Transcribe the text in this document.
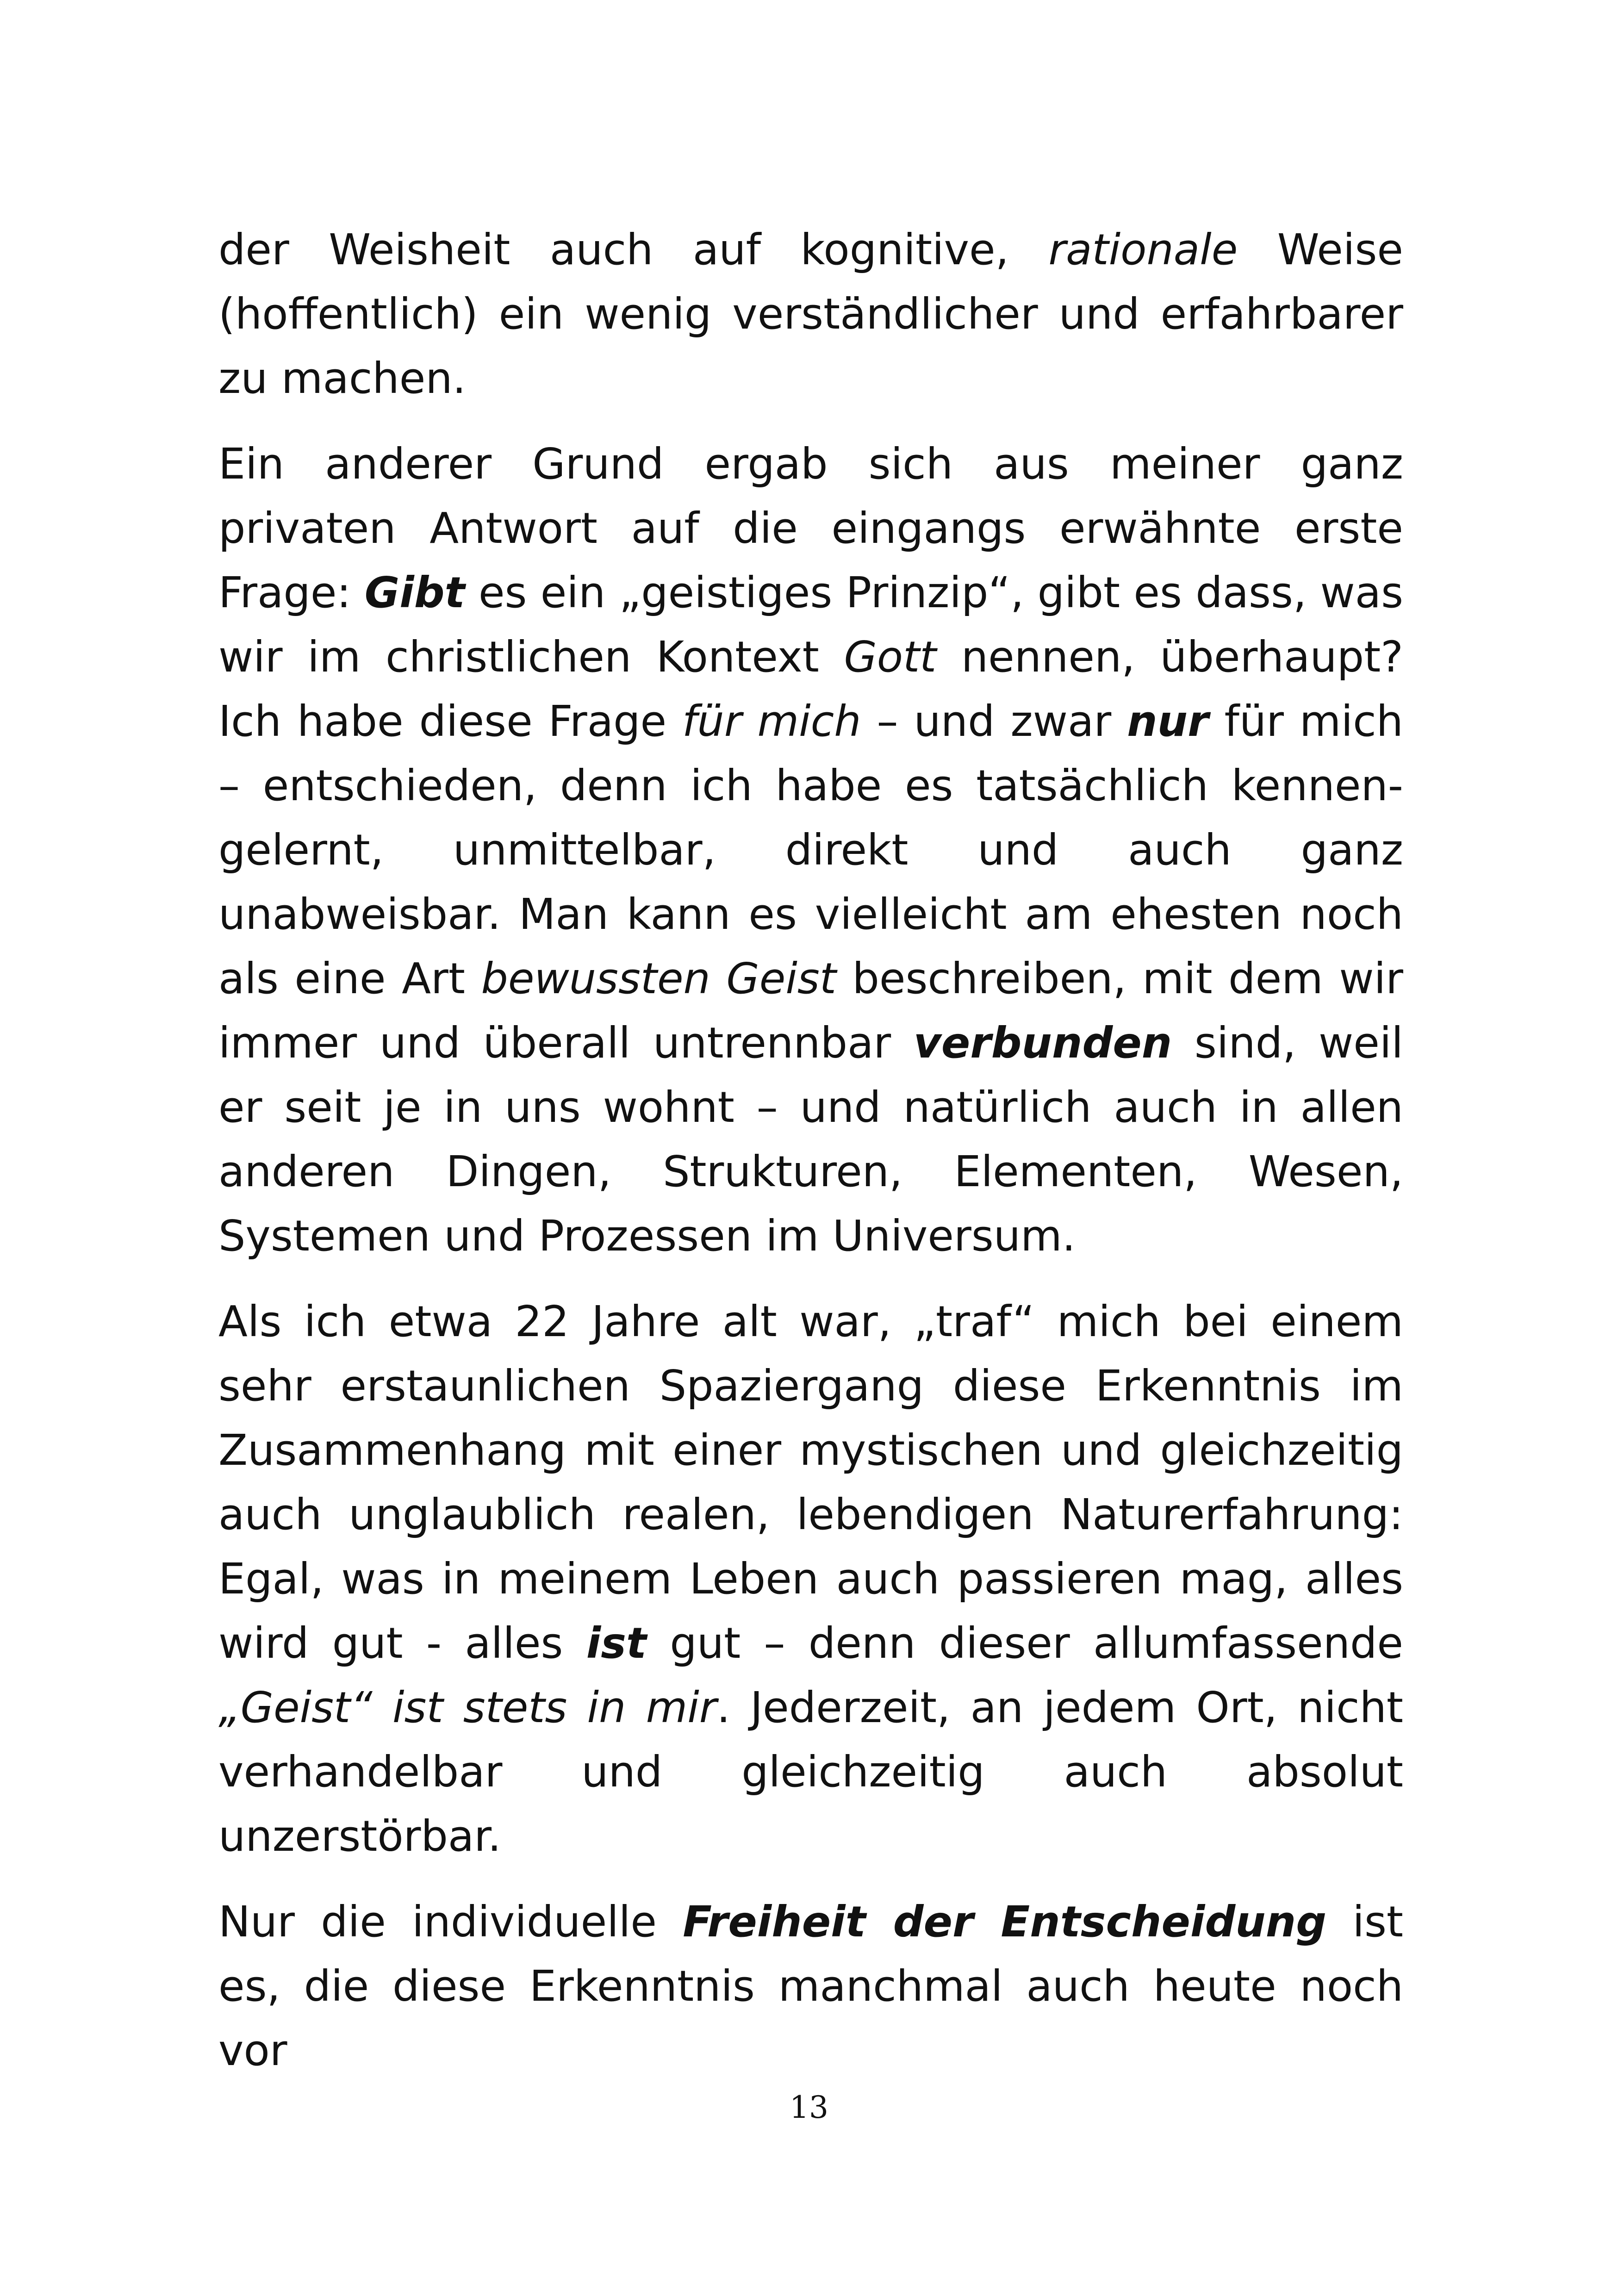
der Weisheit auch auf kognitive, rationale Weise (hoffentlich) ein wenig verständlicher und erfahrbarer zu machen.

Ein anderer Grund ergab sich aus meiner ganz privaten Antwort auf die eingangs erwähnte erste Frage: Gibt es ein „geistiges Prinzip“, gibt es dass, was wir im christlichen Kontext Gott nennen, überhaupt? Ich habe diese Frage für mich – und zwar nur für mich – entschieden, denn ich habe es tatsächlich kennen-gelernt, unmittelbar, direkt und auch ganz unabweisbar. Man kann es vielleicht am ehesten noch als eine Art bewussten Geist beschreiben, mit dem wir immer und überall untrennbar verbunden sind, weil er seit je in uns wohnt – und natürlich auch in allen anderen Dingen, Strukturen, Elementen, Wesen, Systemen und Prozessen im Universum.

Als ich etwa 22 Jahre alt war, „traf“ mich bei einem sehr erstaunlichen Spaziergang diese Erkenntnis im Zusammenhang mit einer mystischen und gleichzeitig auch unglaublich realen, lebendigen Naturerfahrung: Egal, was in meinem Leben auch passieren mag, alles wird gut - alles ist gut – denn dieser allumfassende „Geist“ ist stets in mir. Jederzeit, an jedem Ort, nicht verhandelbar und gleichzeitig auch absolut unzerstörbar.

Nur die individuelle Freiheit der Entscheidung ist es, die diese Erkenntnis manchmal auch heute noch vor

13
